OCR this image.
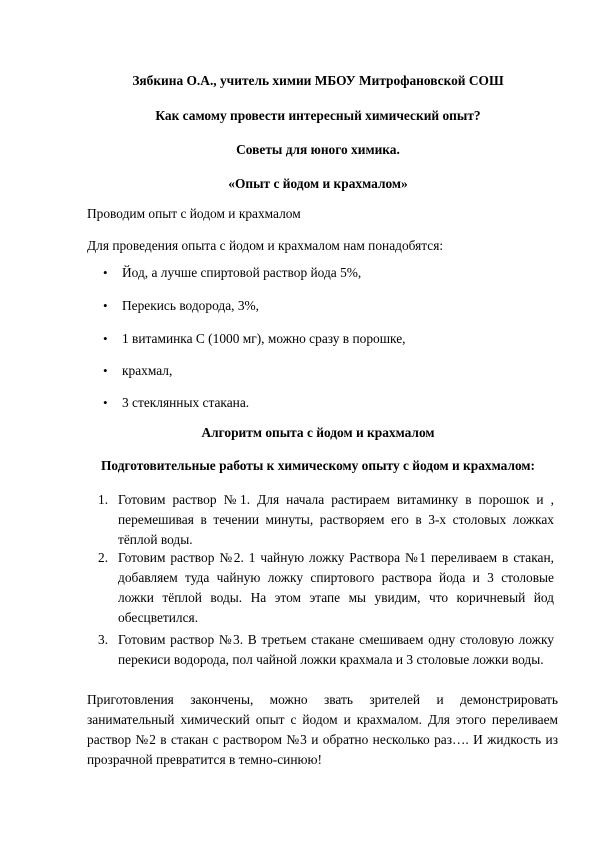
Зябкина О.А., учитель химии МБОУ Митрофановской СОШ
Как самому провести интересный химический опыт?
Советы для юного химика.
«Опыт с йодом и крахмалом»
Проводим опыт с йодом и крахмалом
Для проведения опыта с йодом и крахмалом нам понадобятся:
• Йод, а лучше спиртовой раствор йода 5%,
• Перекись водорода, 3%,
• 1 витаминка С (1000 мг), можно сразу в порошке,
• крахмал,
• 3 стеклянных стакана.
Алгоритм опыта с йодом и крахмалом
Подготовительные работы к химическому опыту с йодом и крахмалом:
1. Готовим раствор №1. Для начала растираем витаминку в порошок и , перемешивая в течении минуты, растворяем его в 3-х столовых ложках тёплой воды.
2. Готовим раствор №2. 1 чайную ложку Раствора №1 переливаем в стакан, добавляем туда чайную ложку спиртового раствора йода и 3 столовые ложки тёплой воды. На этом этапе мы увидим, что коричневый йод обесцветился.
3. Готовим раствор №3. В третьем стакане смешиваем одну столовую ложку перекиси водорода, пол чайной ложки крахмала и 3 столовые ложки воды.
Приготовления закончены, можно звать зрителей и демонстрировать занимательный химический опыт с йодом и крахмалом. Для этого переливаем раствор №2 в стакан с раствором №3 и обратно несколько раз…. И жидкость из прозрачной превратится в темно-синюю!
